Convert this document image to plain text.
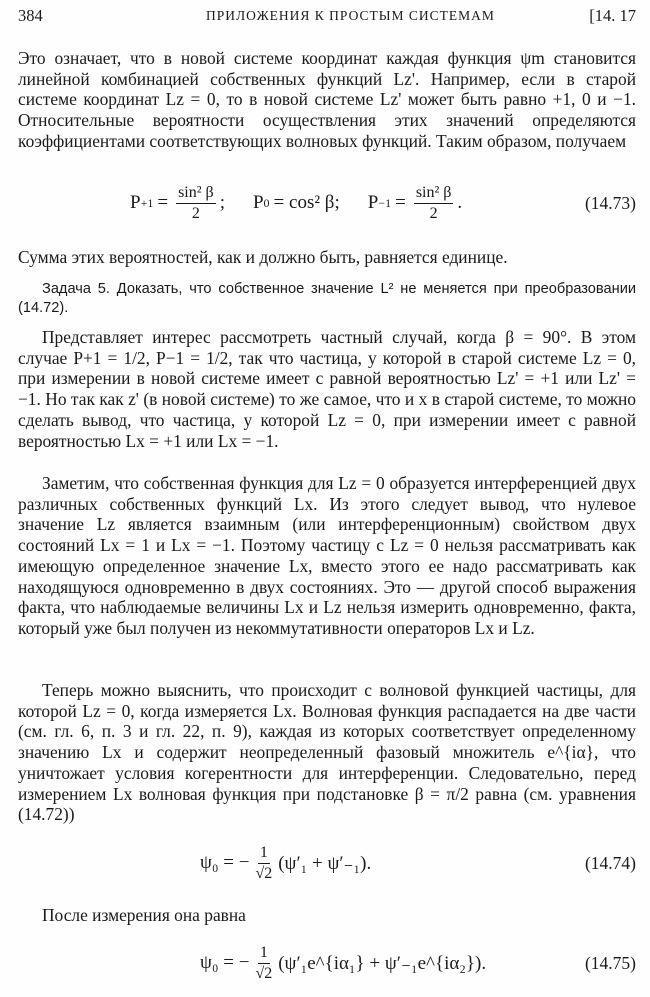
384	ПРИЛОЖЕНИЯ К ПРОСТЫМ СИСТЕМАМ	[14. 17

Это означает, что в новой системе координат каждая функция ψm становится линейной комбинацией собственных функций Lz'. Например, если в старой системе координат Lz = 0, то в новой системе Lz' может быть равно +1, 0 и −1. Относительные вероятности осуществления этих значений определяются коэффициентами соответствующих волновых функций. Таким образом, получаем

$P +1 = \frac{\text{sin² β}}{2}$ ; P 0 = cos² β; $P -1 = \frac{\text{sin² β}}{2}$ .	(14.73)

Сумма этих вероятностей, как и должно быть, равняется единице.

Задача 5. Доказать, что собственное значение L² не меняется при преобразовании (14.72).

Представляет интерес рассмотреть частный случай, когда β = 90°. В этом случае P+1 = 1/2, P−1 = 1/2, так что частица, у которой в старой системе Lz = 0, при измерении в новой системе имеет с равной вероятностью Lz' = +1 или Lz' = −1. Но так как z' (в новой системе) то же самое, что и x в старой системе, то можно сделать вывод, что частица, у которой Lz = 0, при измерении имеет с равной вероятностью Lx = +1 или Lx = −1.

Заметим, что собственная функция для Lz = 0 образуется интерференцией двух различных собственных функций Lx. Из этого следует вывод, что нулевое значение Lz является взаимным (или интерференционным) свойством двух состояний Lx = 1 и Lx = −1. Поэтому частицу с Lz = 0 нельзя рассматривать как имеющую определенное значение Lx, вместо этого ее надо рассматривать как находящуюся одновременно в двух состояниях. Это — другой способ выражения факта, что наблюдаемые величины Lx и Lz нельзя измерить одновременно, факта, который уже был получен из некоммутативности операторов Lx и Lz.

Теперь можно выяснить, что происходит с волновой функцией частицы, для которой Lz = 0, когда измеряется Lx. Волновая функция распадается на две части (см. гл. 6, п. 3 и гл. 22, п. 9), каждая из которых соответствует определенному значению Lx и содержит неопределенный фазовый множитель e^{iα}, что уничтожает условия когерентности для интерференции. Следовательно, перед измерением Lx волновая функция при подстановке β = π/2 равна (см. уравнения (14.72))

ψ₀ = − $\frac{1}{√2} (\psi'_1 + \psi'_{-1})$.	(14.74)

После измерения она равна

ψ₀ = − $\frac{1}{√2}$ (ψ′₁e^{iα₁} + ψ′₋₁e^{iα₂}).	(14.75)
